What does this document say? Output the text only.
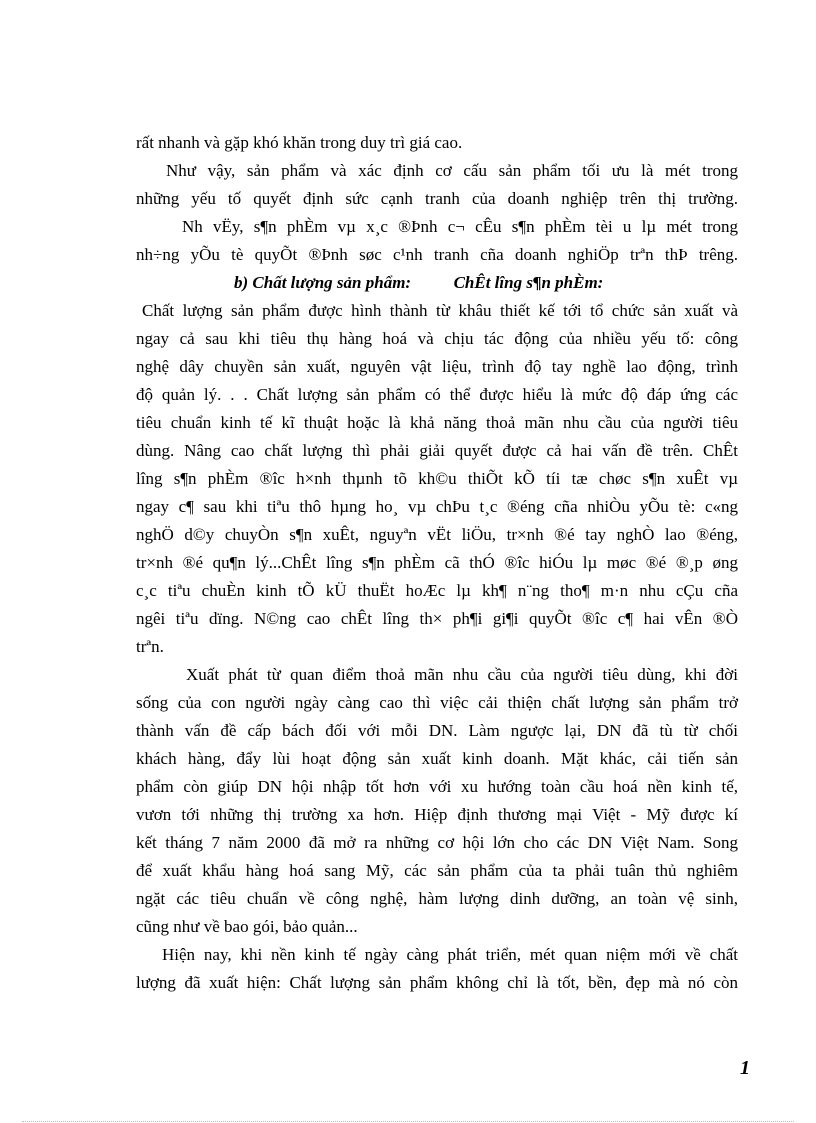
rất nhanh và gặp khó khăn trong duy trì giá cao.
Như vậy, sản phẩm và xác định cơ cấu sản phẩm tối ưu là mét trong
những yếu tố quyết định sức cạnh tranh của doanh nghiệp trên thị trường.
Nh vËy, s¶n phÈm vµ x¸c ®Þnh c¬ cÊu s¶n phÈm tèi u lµ mét trong
nh÷ng yÕu tè quyÕt ®Þnh søc c¹nh tranh cña doanh nghiÖp trªn thÞ trêng.
b) Chất lượng sản phẩm:          ChÊt lîng s¶n phÈm:
Chất lượng sản phẩm được hình thành từ khâu thiết kế tới tổ chức sản xuất và
ngay cả sau khi tiêu thụ hàng hoá và chịu tác động của nhiều yếu tố: công
nghệ dây chuyền sản xuất, nguyên vật liệu, trình độ tay nghề lao động, trình
độ quản lý. . . Chất lượng sản phẩm có thể được hiểu là mức độ đáp ứng các
tiêu chuẩn kinh tế kĩ thuật hoặc là khả năng thoả mãn nhu cầu của người tiêu
dùng. Nâng cao chất lượng thì phải giải quyết được cả hai vấn đề trên. ChÊt
lîng s¶n phÈm ®îc h×nh thµnh tõ kh©u thiÕt kÕ tíi tæ chøc s¶n xuÊt vµ
ngay c¶ sau khi tiªu thô hµng ho¸ vµ chÞu t¸c ®éng cña nhiÒu yÕu tè: c«ng
nghÖ d©y chuyÒn s¶n xuÊt, nguyªn vËt liÖu, tr×nh ®é tay nghÒ lao ®éng,
tr×nh ®é qu¶n lý...ChÊt lîng s¶n phÈm cã thÓ ®îc hiÓu lµ møc ®é ®¸p øng
c¸c tiªu chuÈn kinh tÕ kÜ thuËt hoÆc lµ kh¶ n¨ng tho¶ m·n nhu cÇu cña
ngêi tiªu dïng. N©ng cao chÊt lîng th× ph¶i gi¶i quyÕt ®îc c¶ hai vÊn ®Ò
trªn.
Xuất phát từ quan điểm thoả mãn nhu cầu của người tiêu dùng, khi đời
sống của con người ngày càng cao thì việc cải thiện chất lượng sản phẩm trở
thành vấn đề cấp bách đối với mỗi DN. Làm ngược lại, DN đã tù từ chối
khách hàng, đẩy lùi hoạt động sản xuất kinh doanh. Mặt khác, cải tiến sản
phẩm còn giúp DN hội nhập tốt hơn với xu hướng toàn cầu hoá nền kinh tế,
vươn tới những thị trường xa hơn. Hiệp định thương mại Việt - Mỹ được kí
kết tháng 7 năm 2000 đã mở ra những cơ hội lớn cho các DN Việt Nam. Song
để xuất khẩu hàng hoá sang Mỹ, các sản phẩm của ta phải tuân thủ nghiêm
ngặt các tiêu chuẩn về công nghệ, hàm lượng dinh dưỡng, an toàn vệ sinh,
cũng như về bao gói, bảo quản...
Hiện nay, khi nền kinh tế ngày càng phát triển, mét quan niệm mới về chất
lượng đã xuất hiện: Chất lượng sản phẩm không chỉ là tốt, bền, đẹp mà nó còn
1
